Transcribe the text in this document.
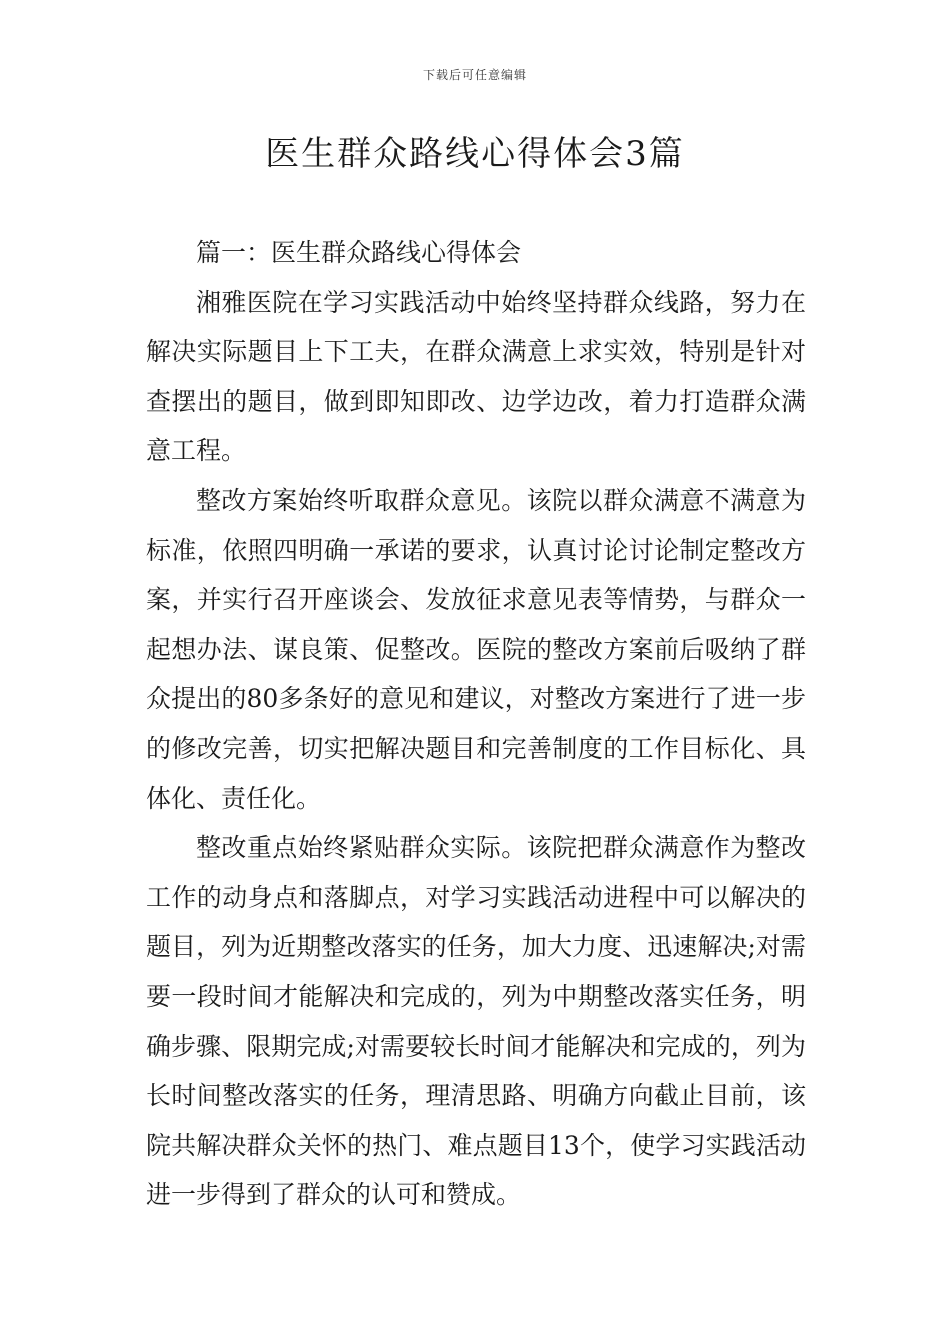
下载后可任意编辑
医生群众路线心得体会3篇

篇一：医生群众路线心得体会

湘雅医院在学习实践活动中始终坚持群众线路，努力在解决实际题目上下工夫，在群众满意上求实效，特别是针对查摆出的题目，做到即知即改、边学边改，着力打造群众满意工程。

整改方案始终听取群众意见。该院以群众满意不满意为标准，依照四明确一承诺的要求，认真讨论讨论制定整改方案，并实行召开座谈会、发放征求意见表等情势，与群众一起想办法、谋良策、促整改。医院的整改方案前后吸纳了群众提出的80多条好的意见和建议，对整改方案进行了进一步的修改完善，切实把解决题目和完善制度的工作目标化、具体化、责任化。

整改重点始终紧贴群众实际。该院把群众满意作为整改工作的动身点和落脚点，对学习实践活动进程中可以解决的题目，列为近期整改落实的任务，加大力度、迅速解决;对需要一段时间才能解决和完成的，列为中期整改落实任务，明确步骤、限期完成;对需要较长时间才能解决和完成的，列为长时间整改落实的任务，理清思路、明确方向截止目前，该院共解决群众关怀的热门、难点题目13个，使学习实践活动进一步得到了群众的认可和赞成。
